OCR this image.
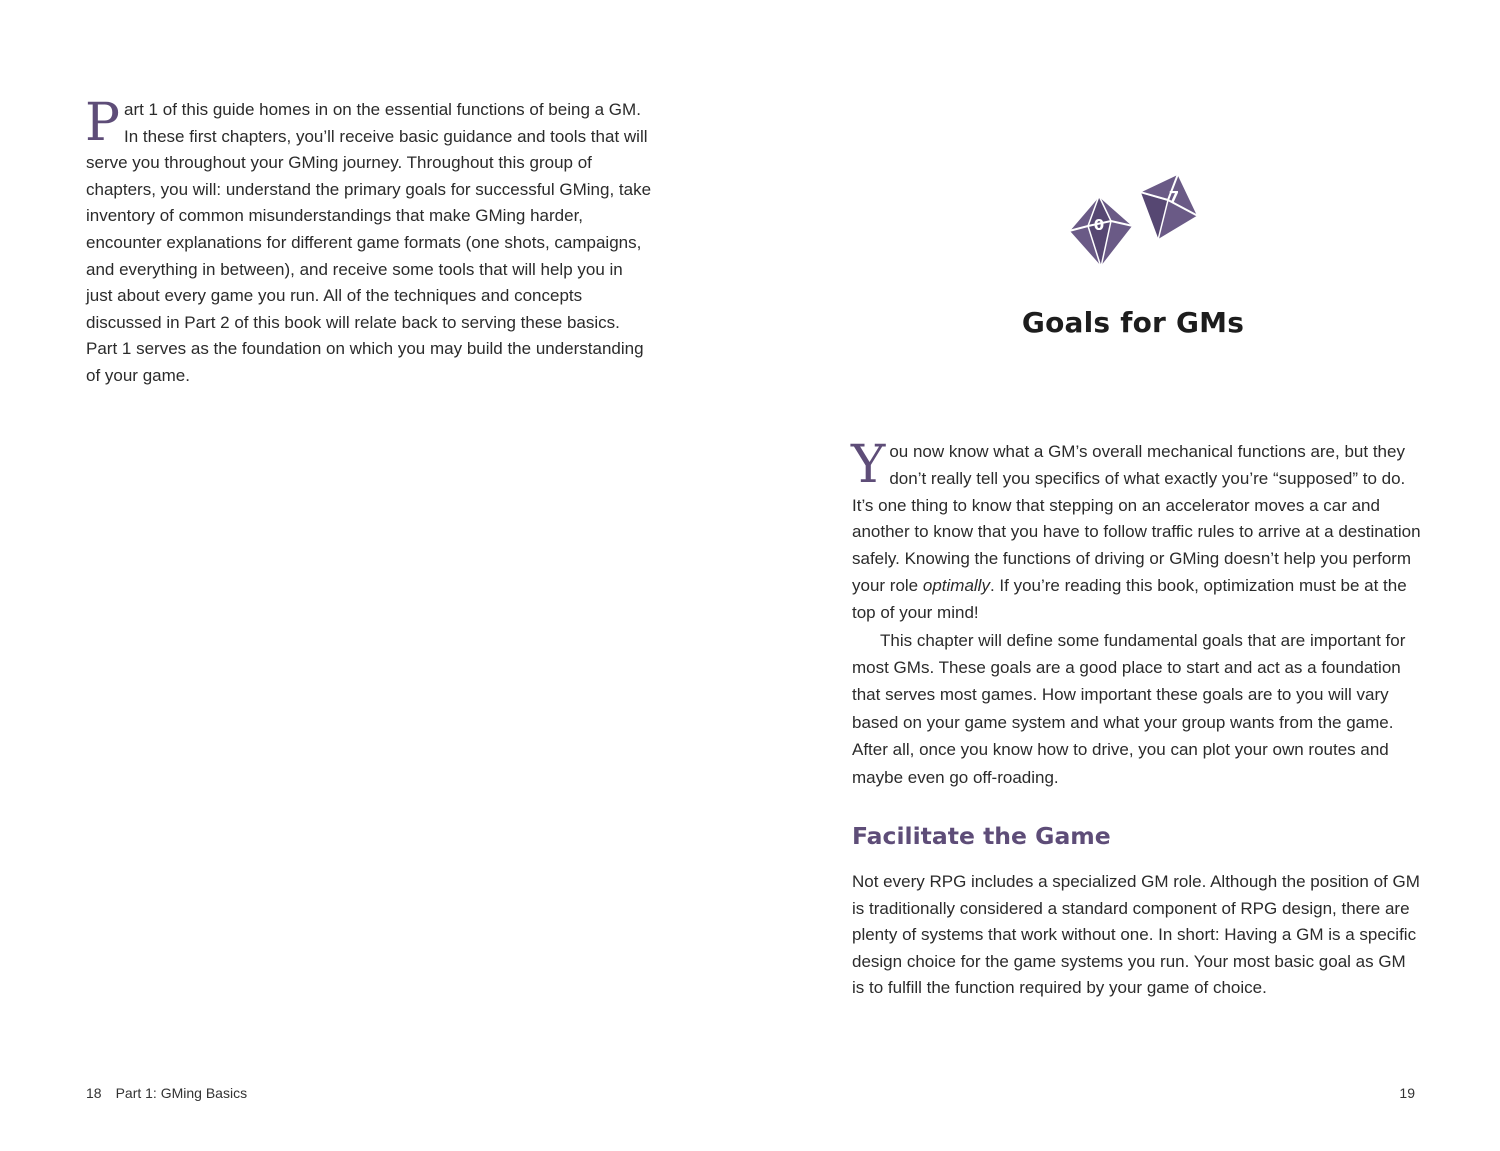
Part 1 of this guide homes in on the essential functions of being a GM. In these first chapters, you’ll receive basic guidance and tools that will serve you throughout your GMing journey. Throughout this group of chapters, you will: understand the primary goals for successful GMing, take inventory of common misunderstandings that make GMing harder, encounter explanations for different game formats (one shots, campaigns, and everything in between), and receive some tools that will help you in just about every game you run. All of the techniques and concepts discussed in Part 2 of this book will relate back to serving these basics. Part 1 serves as the foundation on which you may build the understanding of your game.

18 Part 1: GMing Basics
0
7
Goals for GMs

You now know what a GM’s overall mechanical functions are, but they don’t really tell you specifics of what exactly you’re “supposed” to do. It’s one thing to know that stepping on an accelerator moves a car and another to know that you have to follow traffic rules to arrive at a destination safely. Knowing the functions of driving or GMing doesn’t help you perform your role optimally. If you’re reading this book, optimization must be at the top of your mind!

This chapter will define some fundamental goals that are important for most GMs. These goals are a good place to start and act as a foundation that serves most games. How important these goals are to you will vary based on your game system and what your group wants from the game. After all, once you know how to drive, you can plot your own routes and maybe even go off-roading.

Facilitate the Game

Not every RPG includes a specialized GM role. Although the position of GM is traditionally considered a standard component of RPG design, there are plenty of systems that work without one. In short: Having a GM is a specific design choice for the game systems you run. Your most basic goal as GM is to fulfill the function required by your game of choice.

19
